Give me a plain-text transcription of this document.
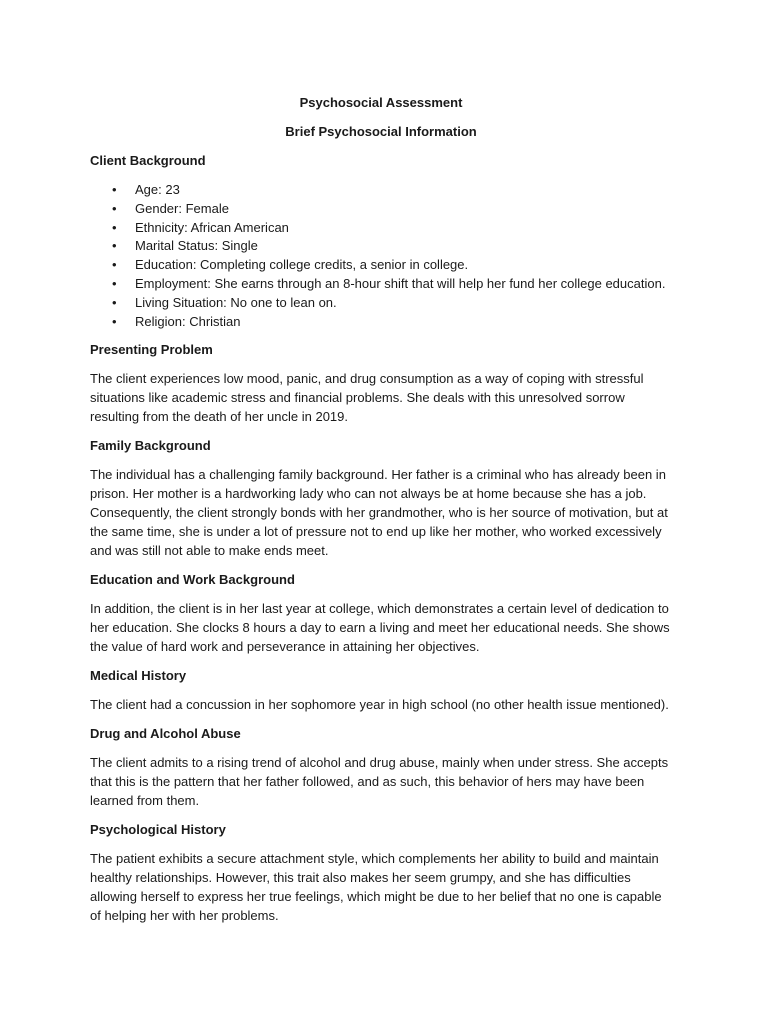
Psychosocial Assessment
Brief Psychosocial Information
Client Background
• Age: 23
• Gender: Female
• Ethnicity: African American
• Marital Status: Single
• Education: Completing college credits, a senior in college.
• Employment: She earns through an 8-hour shift that will help her fund her college education.
• Living Situation: No one to lean on.
• Religion: Christian
Presenting Problem

The client experiences low mood, panic, and drug consumption as a way of coping with stressful situations like academic stress and financial problems. She deals with this unresolved sorrow resulting from the death of her uncle in 2019.

Family Background

The individual has a challenging family background. Her father is a criminal who has already been in prison. Her mother is a hardworking lady who can not always be at home because she has a job. Consequently, the client strongly bonds with her grandmother, who is her source of motivation, but at the same time, she is under a lot of pressure not to end up like her mother, who worked excessively and was still not able to make ends meet.

Education and Work Background

In addition, the client is in her last year at college, which demonstrates a certain level of dedication to her education. She clocks 8 hours a day to earn a living and meet her educational needs. She shows the value of hard work and perseverance in attaining her objectives.

Medical History

The client had a concussion in her sophomore year in high school (no other health issue mentioned).

Drug and Alcohol Abuse

The client admits to a rising trend of alcohol and drug abuse, mainly when under stress. She accepts that this is the pattern that her father followed, and as such, this behavior of hers may have been learned from them.

Psychological History

The patient exhibits a secure attachment style, which complements her ability to build and maintain healthy relationships. However, this trait also makes her seem grumpy, and she has difficulties allowing herself to express her true feelings, which might be due to her belief that no one is capable of helping her with her problems.
